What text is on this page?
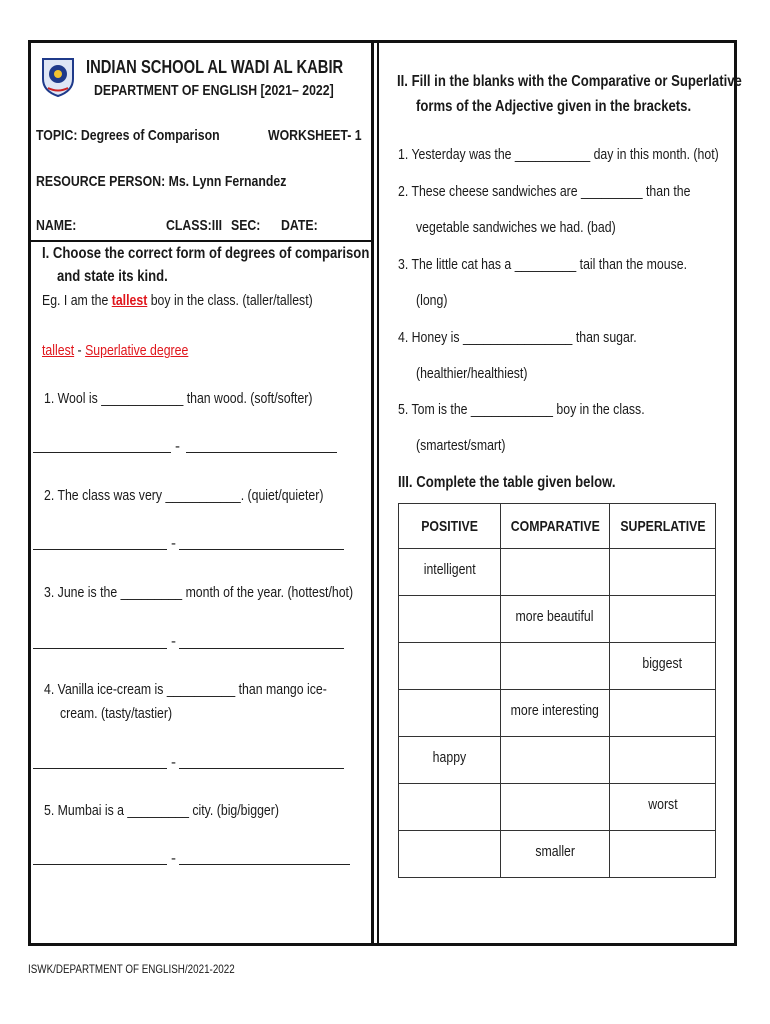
INDIAN SCHOOL AL WADI AL KABIR
DEPARTMENT OF ENGLISH [2021– 2022]
TOPIC: Degrees of Comparison	WORKSHEET- 1
RESOURCE PERSON: Ms. Lynn Fernandez
NAME:	CLASS:III SEC: DATE:
I. Choose the correct form of degrees of comparison
and state its kind.
Eg. I am the tallest boy in the class. (taller/tallest)
tallest - Superlative degree
1. Wool is ____________ than wood. (soft/softer)
-
2. The class was very ___________. (quiet/quieter)
-
3. June is the _________ month of the year. (hottest/hot)
-
4. Vanilla ice-cream is __________ than mango ice-
cream. (tasty/tastier)
-
5. Mumbai is a _________ city. (big/bigger)
-
II. Fill in the blanks with the Comparative or Superlative
forms of the Adjective given in the brackets.
1. Yesterday was the ___________ day in this month. (hot)
2. These cheese sandwiches are _________ than the
vegetable sandwiches we had. (bad)
3. The little cat has a _________ tail than the mouse.
(long)
4. Honey is ________________ than sugar.
(healthier/healthiest)
5. Tom is the ____________ boy in the class.
(smartest/smart)
III. Complete the table given below.
POSITIVE	COMPARATIVE	SUPERLATIVE
intelligent		
	more beautiful	
		biggest
	more interesting	
happy		
		worst
	smaller	
ISWK/DEPARTMENT OF ENGLISH/2021-2022
